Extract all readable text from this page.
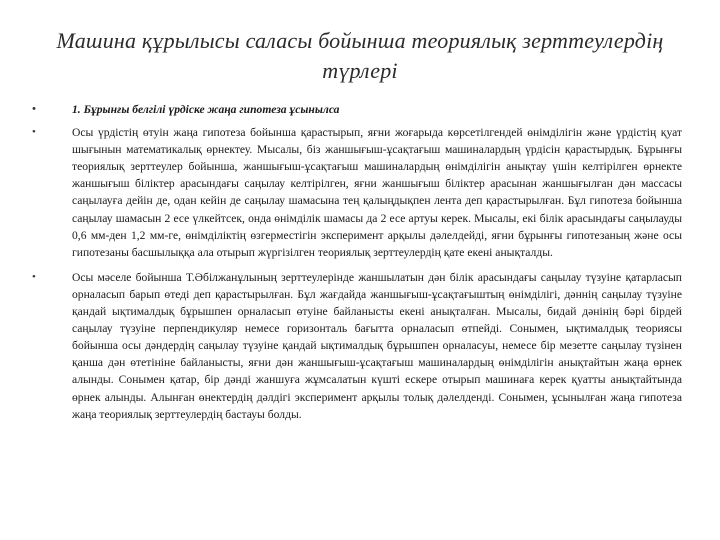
Машина құрылысы саласы бойынша теориялық зерттеулердің түрлері
•	1. Бұрынғы белгілі үрдіске жаңа гипотеза ұсынылса
•	Осы үрдістің өтуін жаңа гипотеза бойынша қарастырып, яғни жоғарыда көрсетілгендей өнімділігін және үрдістің қуат шығынын математикалық өрнектеу. Мысалы, біз жаншығыш-ұсақтағыш машиналардың үрдісін қарастырдық. Бұрынғы теориялық зерттеулер бойынша, жаншығыш-ұсақтағыш машиналардың өнімділігін анықтау үшін келтірілген өрнекте жаншығыш біліктер арасындағы саңылау келтірілген, яғни жаншығыш біліктер арасынан жаншығылған дән массасы саңылауға дейін де, одан кейін де саңылау шамасына тең қалыңдықпен лента деп қарастырылған. Бұл гипотеза бойынша саңылау шамасын 2 есе үлкейтсек, онда өнімділік шамасы да 2 есе артуы керек. Мысалы, екі білік арасындағы саңылауды 0,6 мм-ден 1,2 мм-ге, өнімділіктің өзгерместігін эксперимент арқылы дәлелдейді, яғни бұрынғы гипотезаның және осы гипотезаны басшылыққа ала отырып жүргізілген теориялық зерттеулердің қате екені анықталды.
•	Осы мәселе бойынша Т.Әбілжанұлының зерттеулерінде жаншылатын дән білік арасындағы саңылау түзуіне қатарласып орналасып барып өтеді деп қарастырылған. Бұл жағдайда жаншығыш-ұсақтағыштың өнімділігі, дәннің саңылау түзуіне қандай ықтималдық бұрышпен орналасып өтуіне байланысты екені анықталған. Мысалы, бидай дәнінің бәрі бірдей саңылау түзуіне перпендикуляр немесе горизонталь бағытта орналасып өтпейді. Сонымен, ықтималдық теориясы бойынша осы дәндердің саңылау түзуіне қандай ықтималдық бұрышпен орналасуы, немесе бір мезетте саңылау түзінен қанша дән өтетініне байланысты, яғни дән жаншығыш-ұсақтағыш машиналардың өнімділігін анықтайтын жаңа өрнек алынды. Сонымен қатар, бір дәнді жаншуға жұмсалатын күшті ескере отырып машинаға керек қуатты анықтайтында өрнек алынды. Алынған өнектердің дәлдігі эксперимент арқылы толық дәлелденді. Сонымен, ұсынылған жаңа гипотеза жаңа теориялық зерттеулердің бастауы болды.
